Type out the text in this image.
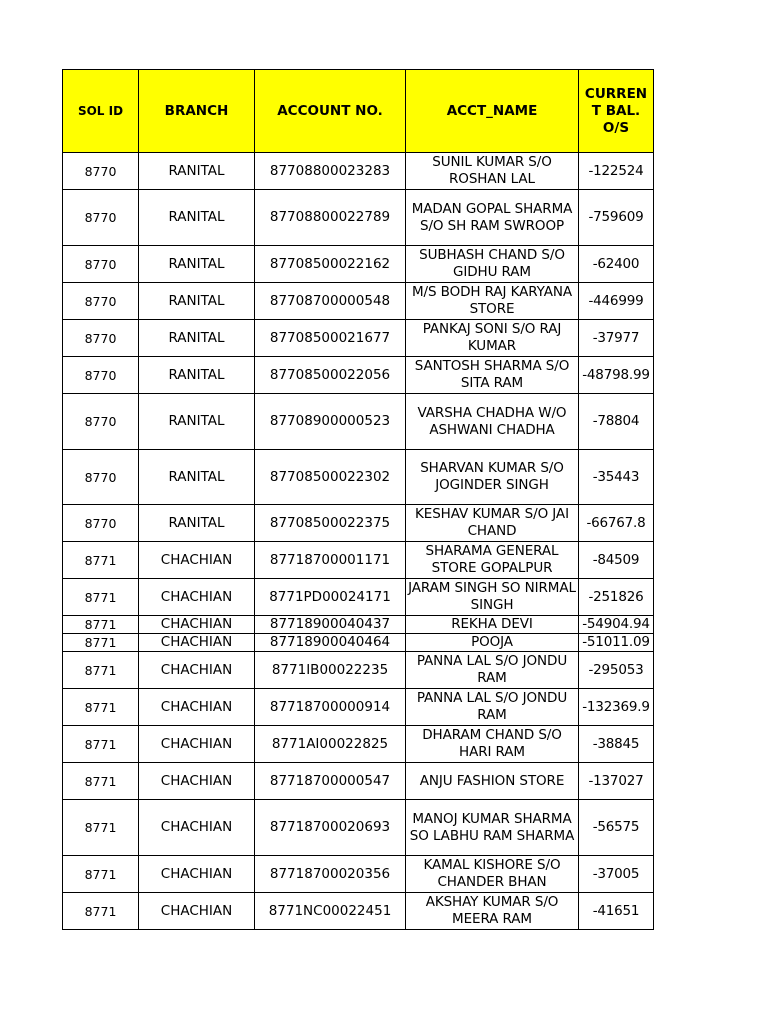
SOL ID	BRANCH	ACCOUNT NO.	ACCT_NAME	CURREN T BAL. O/S
8770	RANITAL	87708800023283	SUNIL KUMAR S/O ROSHAN LAL	-122524
8770	RANITAL	87708800022789	MADAN GOPAL SHARMA S/O SH RAM SWROOP	-759609
8770	RANITAL	87708500022162	SUBHASH CHAND S/O GIDHU RAM	-62400
8770	RANITAL	87708700000548	M/S BODH RAJ KARYANA STORE	-446999
8770	RANITAL	87708500021677	PANKAJ SONI S/O RAJ KUMAR	-37977
8770	RANITAL	87708500022056	SANTOSH SHARMA S/O SITA RAM	-48798.99
8770	RANITAL	87708900000523	VARSHA CHADHA W/O ASHWANI CHADHA	-78804
8770	RANITAL	87708500022302	SHARVAN KUMAR S/O JOGINDER SINGH	-35443
8770	RANITAL	87708500022375	KESHAV KUMAR S/O JAI CHAND	-66767.8
8771	CHACHIAN	87718700001171	SHARAMA GENERAL STORE GOPALPUR	-84509
8771	CHACHIAN	8771PD00024171	JARAM SINGH SO NIRMAL SINGH	-251826
8771	CHACHIAN	87718900040437	REKHA DEVI	-54904.94
8771	CHACHIAN	87718900040464	POOJA	-51011.09
8771	CHACHIAN	8771IB00022235	PANNA LAL S/O JONDU RAM	-295053
8771	CHACHIAN	87718700000914	PANNA LAL S/O JONDU RAM	-132369.9
8771	CHACHIAN	8771AI00022825	DHARAM CHAND S/O HARI RAM	-38845
8771	CHACHIAN	87718700000547	ANJU FASHION STORE	-137027
8771	CHACHIAN	87718700020693	MANOJ KUMAR SHARMA SO LABHU RAM SHARMA	-56575
8771	CHACHIAN	87718700020356	KAMAL KISHORE S/O CHANDER BHAN	-37005
8771	CHACHIAN	8771NC00022451	AKSHAY KUMAR S/O MEERA RAM	-41651
